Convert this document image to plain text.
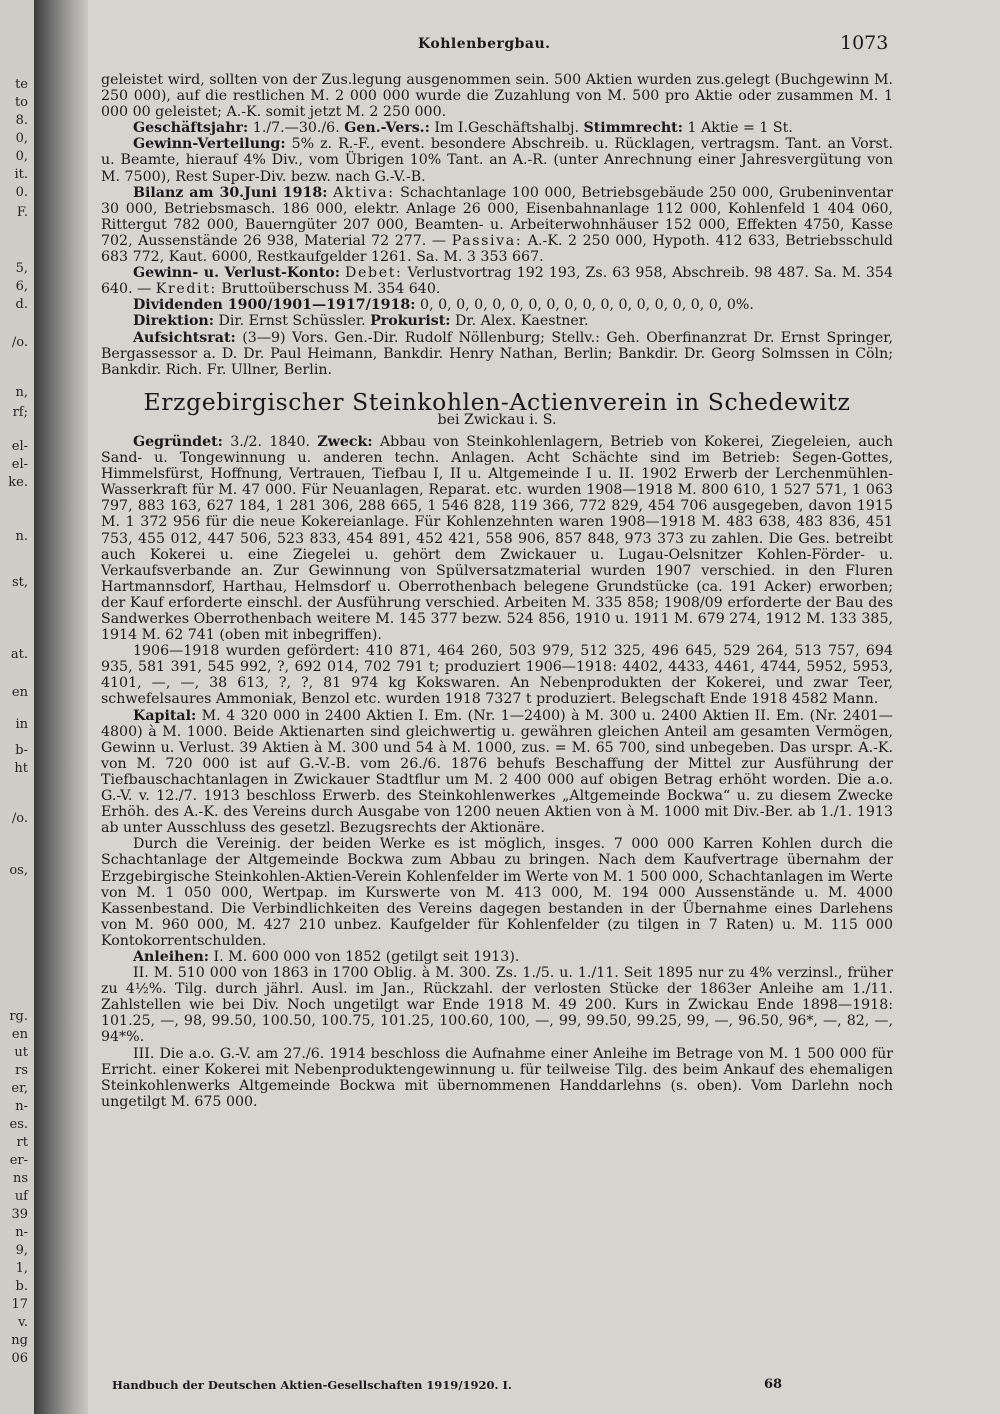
te
to
8.
0,
0,
it.
0.
F.
5,
6,
d.
/o.
n,
rf;
el-
el-
ke.
n.
st,
at.
en
in
b-
ht
/o.
os,
rg.
en
ut
rs
er,
n-
es.
rt
er-
ns
uf
39
n-
9,
1,
b.
17
v.
ng
06
Kohlenbergbau.	1073

geleistet wird, sollten von der Zus.legung ausgenommen sein. 500 Aktien wurden zus.gelegt (Buchgewinn M. 250 000), auf die restlichen M. 2 000 000 wurde die Zuzahlung von M. 500 pro Aktie oder zusammen M. 1 000 00 geleistet; A.-K. somit jetzt M. 2 250 000.

Geschäftsjahr: 1./7.—30./6. Gen.-Vers.: Im I.Geschäftshalbj. Stimmrecht: 1 Aktie = 1 St.

Gewinn-Verteilung: 5% z. R.-F., event. besondere Abschreib. u. Rücklagen, vertragsm. Tant. an Vorst. u. Beamte, hierauf 4% Div., vom Übrigen 10% Tant. an A.-R. (unter Anrechnung einer Jahresvergütung von M. 7500), Rest Super-Div. bezw. nach G.-V.-B.

Bilanz am 30.Juni 1918: Aktiva: Schachtanlage 100 000, Betriebsgebäude 250 000, Grubeninventar 30 000, Betriebsmasch. 186 000, elektr. Anlage 26 000, Eisenbahnanlage 112 000, Kohlenfeld 1 404 060, Rittergut 782 000, Bauerngüter 207 000, Beamten- u. Arbeiterwohnhäuser 152 000, Effekten 4750, Kasse 702, Aussenstände 26 938, Material 72 277. — Passiva: A.-K. 2 250 000, Hypoth. 412 633, Betriebsschuld 683 772, Kaut. 6000, Restkaufgelder 1261. Sa. M. 3 353 667.

Gewinn- u. Verlust-Konto: Debet: Verlustvortrag 192 193, Zs. 63 958, Abschreib. 98 487. Sa. M. 354 640. — Kredit: Bruttoüberschuss M. 354 640.

Dividenden 1900/1901—1917/1918: 0, 0, 0, 0, 0, 0, 0, 0, 0, 0, 0, 0, 0, 0, 0, 0, 0, 0%.

Direktion: Dir. Ernst Schüssler. Prokurist: Dr. Alex. Kaestner.

Aufsichtsrat: (3—9) Vors. Gen.-Dir. Rudolf Nöllenburg; Stellv.: Geh. Oberfinanzrat Dr. Ernst Springer, Bergassessor a. D. Dr. Paul Heimann, Bankdir. Henry Nathan, Berlin; Bankdir. Dr. Georg Solmssen in Cöln; Bankdir. Rich. Fr. Ullner, Berlin.

Erzgebirgischer Steinkohlen-Actienverein in Schedewitz

bei Zwickau i. S.

Gegründet: 3./2. 1840. Zweck: Abbau von Steinkohlenlagern, Betrieb von Kokerei, Ziegeleien, auch Sand- u. Tongewinnung u. anderen techn. Anlagen. Acht Schächte sind im Betrieb: Segen-Gottes, Himmelsfürst, Hoffnung, Vertrauen, Tiefbau I, II u. Altgemeinde I u. II. 1902 Erwerb der Lerchenmühlen-Wasserkraft für M. 47 000. Für Neuanlagen, Reparat. etc. wurden 1908—1918 M. 800 610, 1 527 571, 1 063 797, 883 163, 627 184, 1 281 306, 288 665, 1 546 828, 119 366, 772 829, 454 706 ausgegeben, davon 1915 M. 1 372 956 für die neue Kokereianlage. Für Kohlenzehnten waren 1908—1918 M. 483 638, 483 836, 451 753, 455 012, 447 506, 523 833, 454 891, 452 421, 558 906, 857 848, 973 373 zu zahlen. Die Ges. betreibt auch Kokerei u. eine Ziegelei u. gehört dem Zwickauer u. Lugau-Oelsnitzer Kohlen-Förder- u. Verkaufsverbande an. Zur Gewinnung von Spülversatzmaterial wurden 1907 verschied. in den Fluren Hartmannsdorf, Harthau, Helmsdorf u. Oberrothenbach belegene Grundstücke (ca. 191 Acker) erworben; der Kauf erforderte einschl. der Ausführung verschied. Arbeiten M. 335 858; 1908/09 erforderte der Bau des Sandwerkes Oberrothenbach weitere M. 145 377 bezw. 524 856, 1910 u. 1911 M. 679 274, 1912 M. 133 385, 1914 M. 62 741 (oben mit inbegriffen).

1906—1918 wurden gefördert: 410 871, 464 260, 503 979, 512 325, 496 645, 529 264, 513 757, 694 935, 581 391, 545 992, ?, 692 014, 702 791 t; produziert 1906—1918: 4402, 4433, 4461, 4744, 5952, 5953, 4101, —, —, 38 613, ?, ?, 81 974 kg Kokswaren. An Nebenprodukten der Kokerei, und zwar Teer, schwefelsaures Ammoniak, Benzol etc. wurden 1918 7327 t produziert. Belegschaft Ende 1918 4582 Mann.

Kapital: M. 4 320 000 in 2400 Aktien I. Em. (Nr. 1—2400) à M. 300 u. 2400 Aktien II. Em. (Nr. 2401—4800) à M. 1000. Beide Aktienarten sind gleichwertig u. gewähren gleichen Anteil am gesamten Vermögen, Gewinn u. Verlust. 39 Aktien à M. 300 und 54 à M. 1000, zus. = M. 65 700, sind unbegeben. Das urspr. A.-K. von M. 720 000 ist auf G.-V.-B. vom 26./6. 1876 behufs Beschaffung der Mittel zur Ausführung der Tiefbauschachtanlagen in Zwickauer Stadtflur um M. 2 400 000 auf obigen Betrag erhöht worden. Die a.o. G.-V. v. 12./7. 1913 beschloss Erwerb. des Steinkohlenwerkes „Altgemeinde Bockwa“ u. zu diesem Zwecke Erhöh. des A.-K. des Vereins durch Ausgabe von 1200 neuen Aktien von à M. 1000 mit Div.-Ber. ab 1./1. 1913 ab unter Ausschluss des gesetzl. Bezugsrechts der Aktionäre.

Durch die Vereinig. der beiden Werke es ist möglich, insges. 7 000 000 Karren Kohlen durch die Schachtanlage der Altgemeinde Bockwa zum Abbau zu bringen. Nach dem Kaufvertrage übernahm der Erzgebirgische Steinkohlen-Aktien-Verein Kohlenfelder im Werte von M. 1 500 000, Schachtanlagen im Werte von M. 1 050 000, Wertpap. im Kurswerte von M. 413 000, M. 194 000 Aussenstände u. M. 4000 Kassenbestand. Die Verbindlichkeiten des Vereins dagegen bestanden in der Übernahme eines Darlehens von M. 960 000, M. 427 210 unbez. Kaufgelder für Kohlenfelder (zu tilgen in 7 Raten) u. M. 115 000 Kontokorrentschulden.

Anleihen: I. M. 600 000 von 1852 (getilgt seit 1913).

II. M. 510 000 von 1863 in 1700 Oblig. à M. 300. Zs. 1./5. u. 1./11. Seit 1895 nur zu 4% verzinsl., früher zu 4½%. Tilg. durch jährl. Ausl. im Jan., Rückzahl. der verlosten Stücke der 1863er Anleihe am 1./11. Zahlstellen wie bei Div. Noch ungetilgt war Ende 1918 M. 49 200. Kurs in Zwickau Ende 1898—1918: 101.25, —, 98, 99.50, 100.50, 100.75, 101.25, 100.60, 100, —, 99, 99.50, 99.25, 99, —, 96.50, 96*, —, 82, —, 94*%.

III. Die a.o. G.-V. am 27./6. 1914 beschloss die Aufnahme einer Anleihe im Betrage von M. 1 500 000 für Erricht. einer Kokerei mit Nebenproduktengewinnung u. für teilweise Tilg. des beim Ankauf des ehemaligen Steinkohlenwerks Altgemeinde Bockwa mit übernommenen Handdarlehns (s. oben). Vom Darlehn noch ungetilgt M. 675 000.

Handbuch der Deutschen Aktien-Gesellschaften 1919/1920. I.	68
